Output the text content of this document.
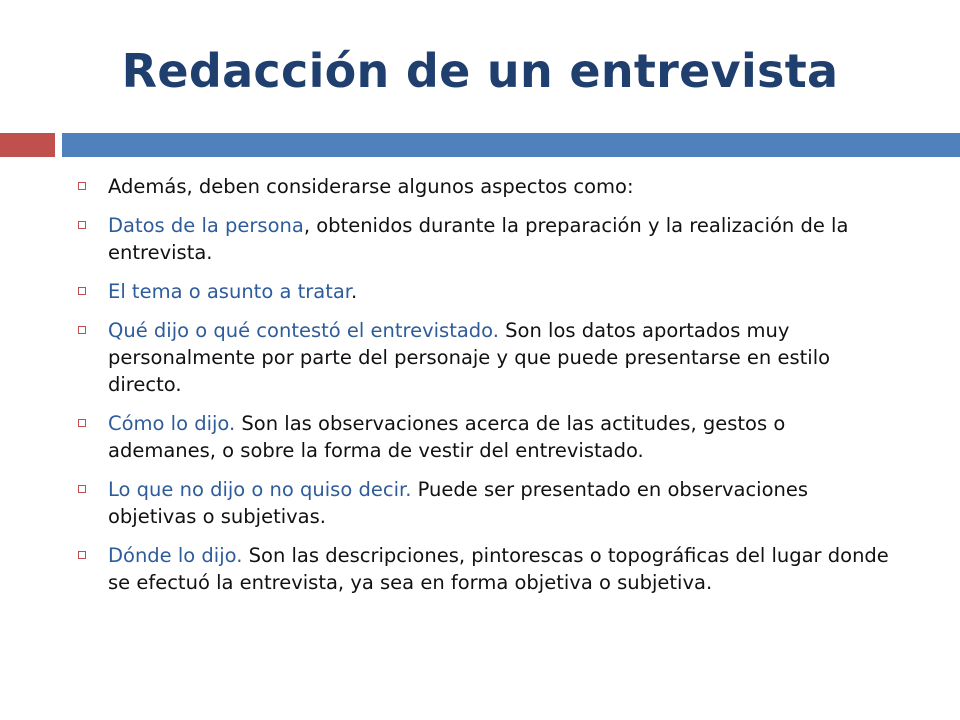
Redacción de un entrevista
Además, deben considerarse algunos aspectos como:
Datos de la persona, obtenidos durante la preparación y la realización de la entrevista.
El tema o asunto a tratar.
Qué dijo o qué contestó el entrevistado. Son los datos aportados muy personalmente por parte del personaje y que puede presentarse en estilo directo.
Cómo lo dijo. Son las observaciones acerca de las actitudes, gestos o ademanes, o sobre la forma de vestir del entrevistado.
Lo que no dijo o no quiso decir. Puede ser presentado en observaciones objetivas o subjetivas.
Dónde lo dijo. Son las descripciones, pintorescas o topográficas del lugar donde se efectuó la entrevista, ya sea en forma objetiva o subjetiva.
